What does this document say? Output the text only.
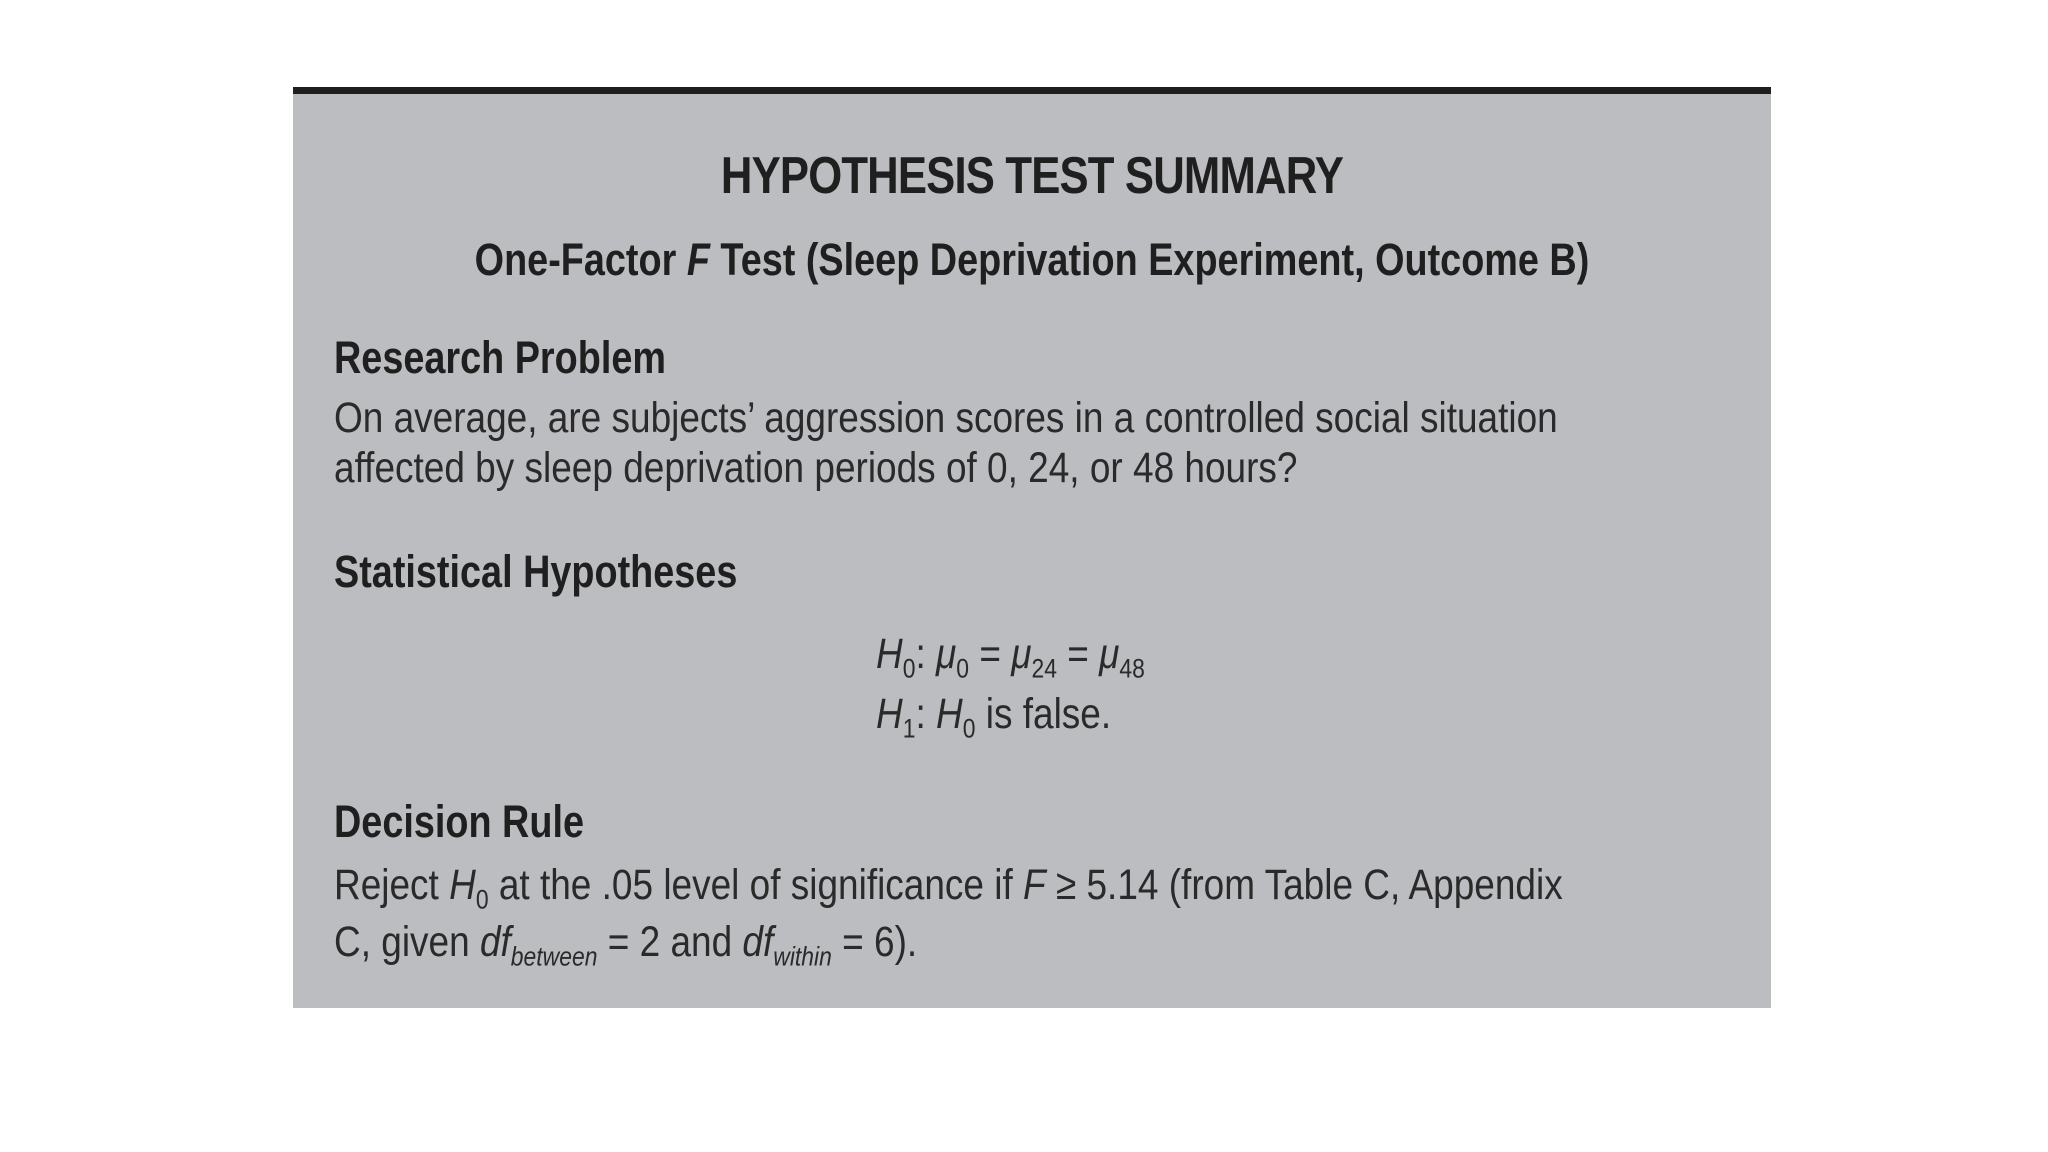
HYPOTHESIS TEST SUMMARY
One-Factor F Test (Sleep Deprivation Experiment, Outcome B)
Research Problem
On average, are subjects’ aggression scores in a controlled social situation
affected by sleep deprivation periods of 0, 24, or 48 hours?
Statistical Hypotheses
$H_0$: $\mu_0 = \mu_{24} = \mu_{48}$
$H_1$: $H_0$ is false.
Decision Rule
Reject $H_0$ at the .05 level of significance if F ≥ 5.14 (from Table C, Appendix
C, given $df_{between} = 2$ and $df_{within} = 6$).
